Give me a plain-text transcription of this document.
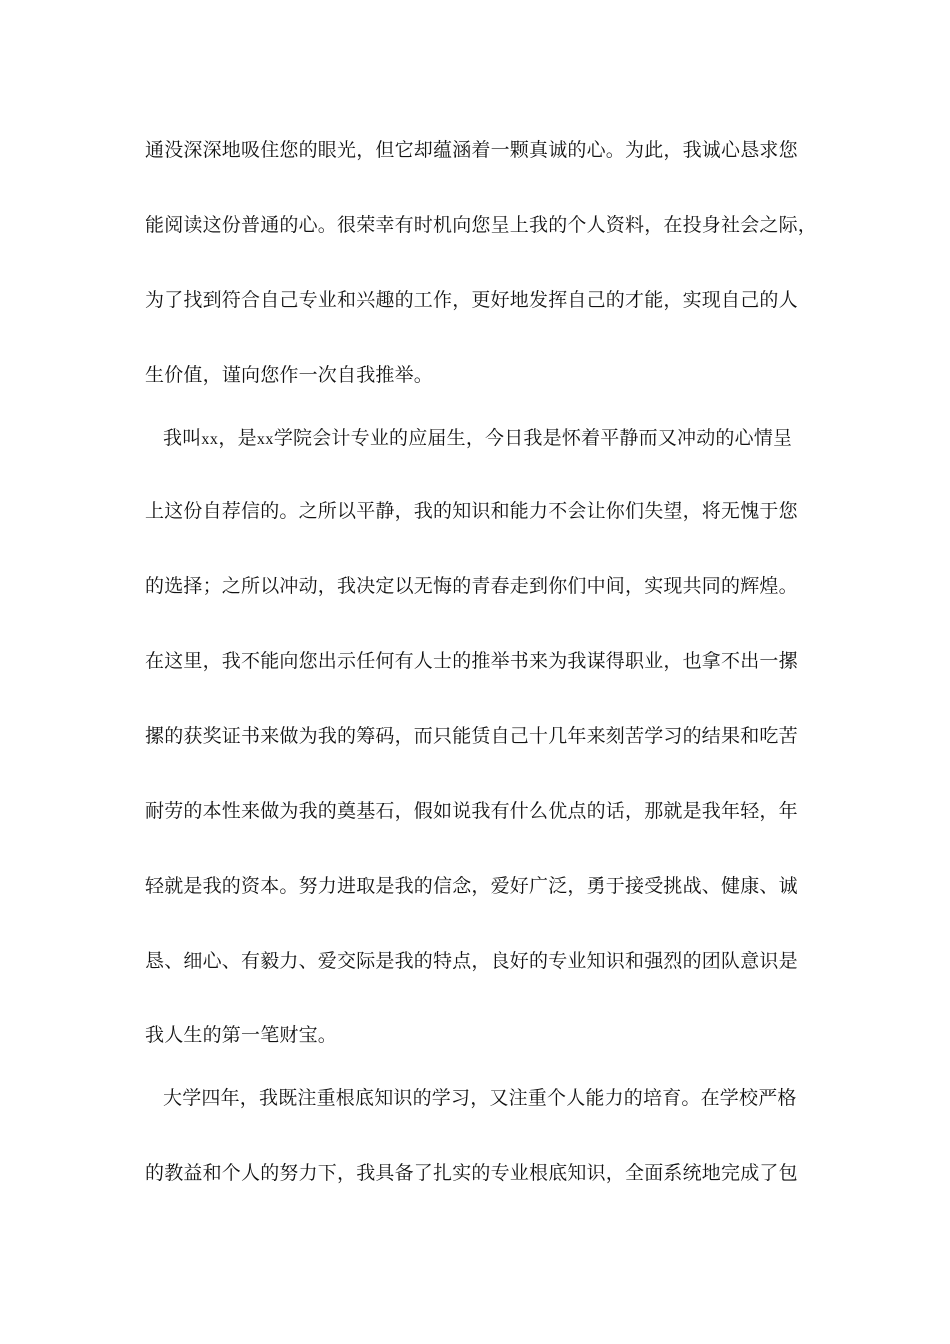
通没深深地吸住您的眼光，但它却蕴涵着一颗真诚的心。为此，我诚心恳求您
能阅读这份普通的心。很荣幸有时机向您呈上我的个人资料，在投身社会之际，
为了找到符合自己专业和兴趣的工作，更好地发挥自己的才能，实现自己的人
生价值，谨向您作一次自我推举。
我叫xx，是xx学院会计专业的应届生，今日我是怀着平静而又冲动的心情呈
上这份自荐信的。之所以平静，我的知识和能力不会让你们失望，将无愧于您
的选择；之所以冲动，我决定以无悔的青春走到你们中间，实现共同的辉煌。
在这里，我不能向您出示任何有人士的推举书来为我谋得职业，也拿不出一摞
摞的获奖证书来做为我的筹码，而只能赁自己十几年来刻苦学习的结果和吃苦
耐劳的本性来做为我的奠基石，假如说我有什么优点的话，那就是我年轻，年
轻就是我的资本。努力进取是我的信念，爱好广泛，勇于接受挑战、健康、诚
恳、细心、有毅力、爱交际是我的特点，良好的专业知识和强烈的团队意识是
我人生的第一笔财宝。
大学四年，我既注重根底知识的学习，又注重个人能力的培育。在学校严格
的教益和个人的努力下，我具备了扎实的专业根底知识，全面系统地完成了包
